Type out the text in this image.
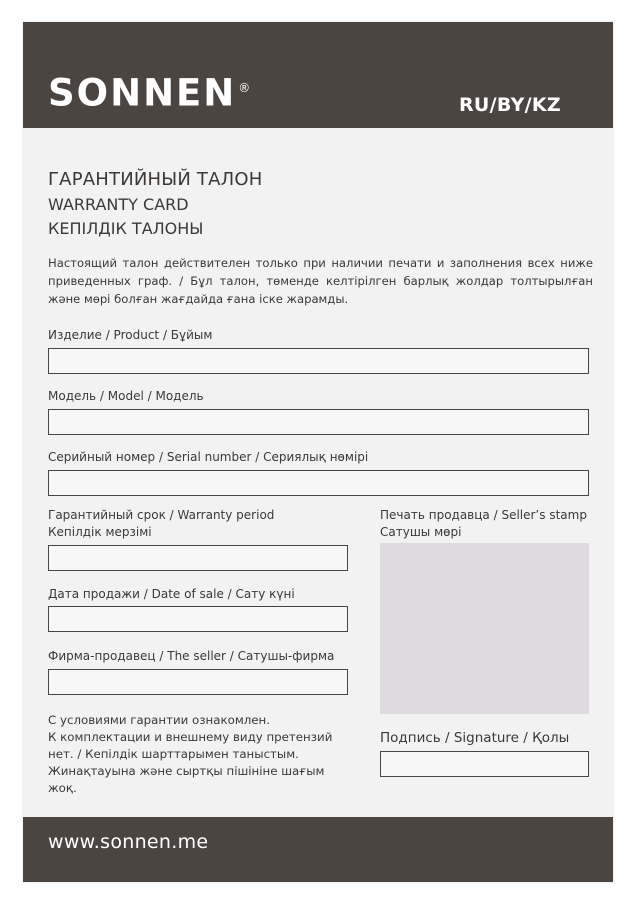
SONNEN ®
RU/BY/KZ
ГАРАНТИЙНЫЙ ТАЛОН
WARRANTY CARD
КЕПІЛДІК ТАЛОНЫ
Настоящий талон действителен только при наличии печати и заполнения всех ниже приведенных граф. / Бұл талон, төменде келтірілген барлық жолдар толтырылған және мөрі болған жағдайда ғана іске жарамды.
Изделие / Product / Бұйым
Модель / Model / Модель
Серийный номер / Serial number / Сериялық нөмірі
Гарантийный срок / Warranty period
Кепілдік мерзімі
Дата продажи / Date of sale / Сату күні
Фирма-продавец / The seller / Сатушы-фирма
Печать продавца / Seller’s stamp
Сатушы мөрі
С условиями гарантии ознакомлен.
К комплектации и внешнему виду претензий
нет. / Кепілдік шарттарымен таныстым.
Жинақтауына және сыртқы пішініне шағым жоқ.
Подпись / Signature / Қолы
www.sonnen.me
